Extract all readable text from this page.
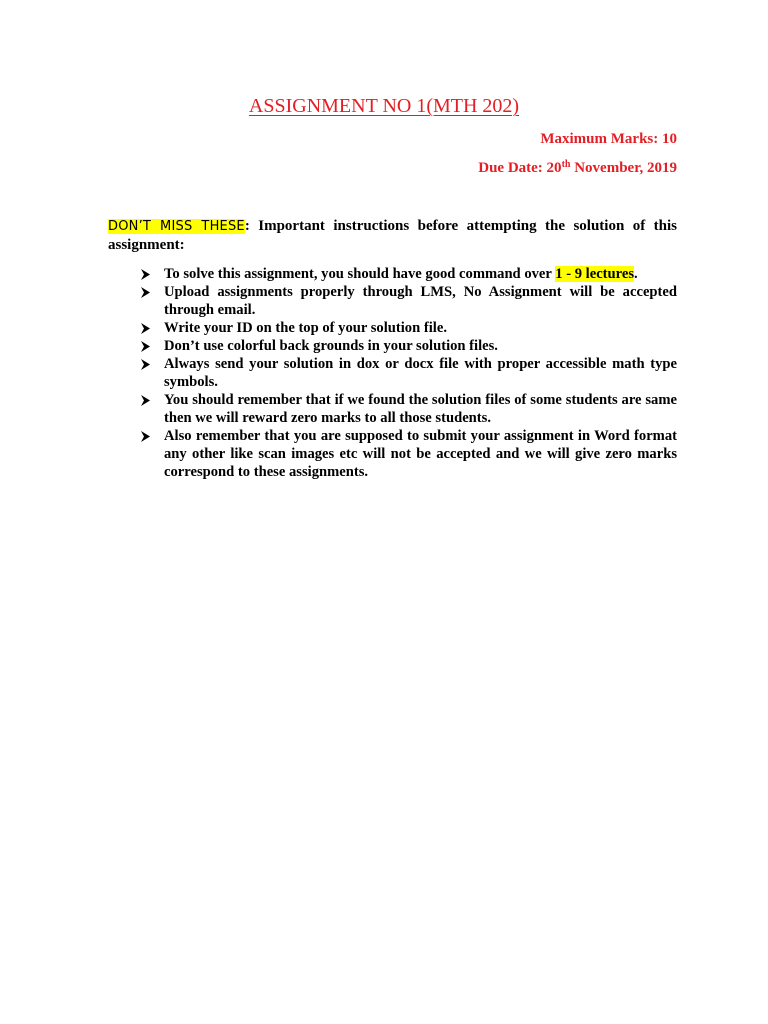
ASSIGNMENT NO 1(MTH 202)
Maximum Marks: 10
Due Date: 20th November, 2019
DON’T MISS THESE: Important instructions before attempting the solution of this assignment:
To solve this assignment, you should have good command over 1 - 9 lectures.
Upload assignments properly through LMS, No Assignment will be accepted through email.
Write your ID on the top of your solution file.
Don’t use colorful back grounds in your solution files.
Always send your solution in dox or docx file with proper accessible math type symbols.
You should remember that if we found the solution files of some students are same then we will reward zero marks to all those students.
Also remember that you are supposed to submit your assignment in Word format any other like scan images etc will not be accepted and we will give zero marks correspond to these assignments.
